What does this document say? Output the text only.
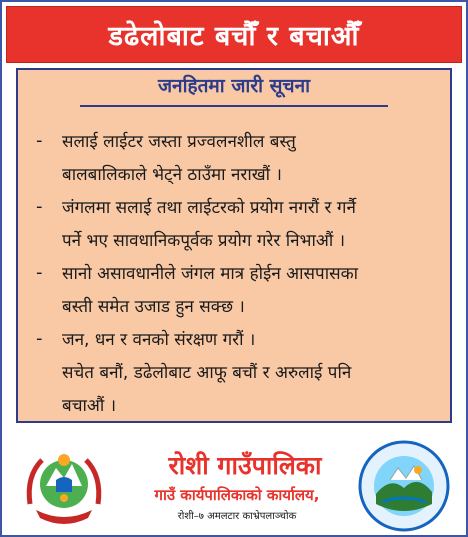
डढेलोबाट बचौँ र बचाऔँ
जनहितमा जारी सूचना
-	सलाई लाईटर जस्ता प्रज्वलनशील बस्तु
बालबालिकाले भेट्ने ठाउँमा नराखौं ।
-	जंगलमा सलाई तथा लाईटरको प्रयोग नगरौं र गर्नै
पर्ने भए सावधानिकपूर्वक प्रयोग गरेर निभाऔं ।
-	सानो असावधानीले जंगल मात्र होईन आसपासका
बस्ती समेत उजाड हुन सक्छ ।
-	जन, धन र वनको संरक्षण गरौं ।
सचेत बनौं, डढेलोबाट आफू बचौं र अरुलाई पनि
बचाऔं ।
रोशी गाउँपालिका
गाउँ कार्यपालिकाको कार्यालय,
रोशी–७ अमलटार काभ्रेपलाञ्चोक
